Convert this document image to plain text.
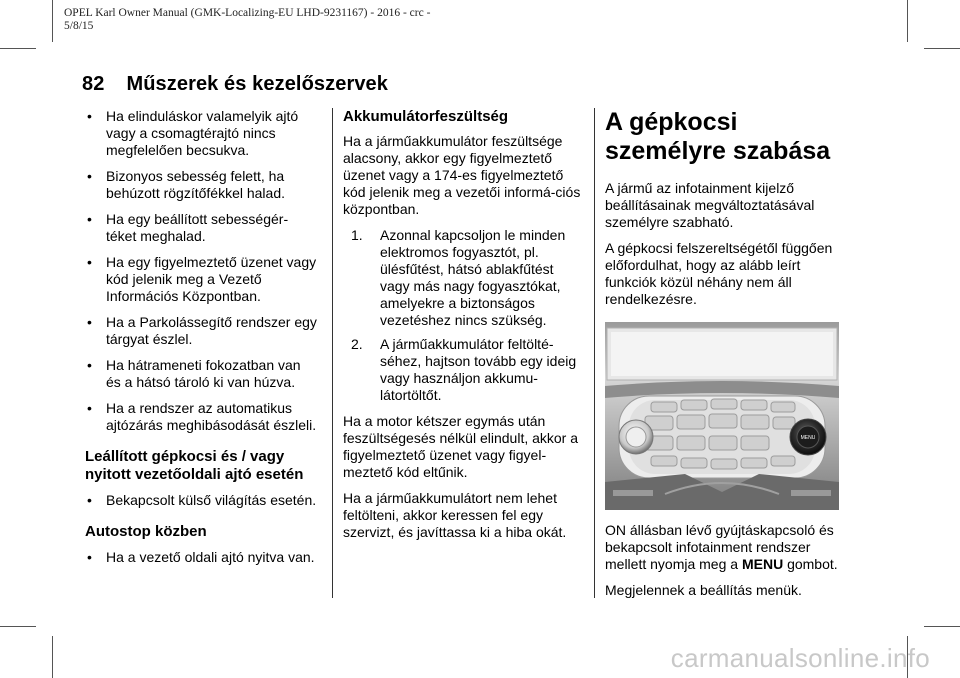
OPEL Karl Owner Manual (GMK-Localizing-EU LHD-9231167) - 2016 - crc -
5/8/15
82 Műszerek és kezelőszervek
• Ha elinduláskor valamelyik ajtó vagy a csomagtérajtó nincs megfelelően becsukva.
• Bizonyos sebesség felett, ha behúzott rögzítőfékkel halad.
• Ha egy beállított sebességér-téket meghalad.
• Ha egy figyelmeztető üzenet vagy kód jelenik meg a Vezető Információs Központban.
• Ha a Parkolássegítő rendszer egy tárgyat észlel.
• Ha hátrameneti fokozatban van és a hátsó tároló ki van húzva.
• Ha a rendszer az automatikus ajtózárás meghibásodását észleli.
Leállított gépkocsi és / vagy nyitott vezetőoldali ajtó esetén
• Bekapcsolt külső világítás esetén.
Autostop közben
• Ha a vezető oldali ajtó nyitva van.
Akkumulátorfeszültség

Ha a járműakkumulátor feszültsége alacsony, akkor egy figyelmeztető üzenet vagy a 174-es figyelmeztető kód jelenik meg a vezetői informá-ciós központban.

1. Azonnal kapcsoljon le minden elektromos fogyasztót, pl. ülésfűtést, hátsó ablakfűtést vagy más nagy fogyasztókat, amelyekre a biztonságos vezetéshez nincs szükség.
2. A járműakkumulátor feltölté-séhez, hajtson tovább egy ideig vagy használjon akkumu-látortöltőt.

Ha a motor kétszer egymás után feszültségesés nélkül elindult, akkor a figyelmeztető üzenet vagy figyel-meztető kód eltűnik.

Ha a járműakkumulátort nem lehet feltölteni, akkor keressen fel egy szervizt, és javíttassa ki a hiba okát.

A gépkocsi személyre szabása

A jármű az infotainment kijelző beállításainak megváltoztatásával személyre szabható.

A gépkocsi felszereltségétől függően előfordulhat, hogy az alább leírt funkciók közül néhány nem áll rendelkezésre.

MENU

ON állásban lévő gyújtáskapcsoló és bekapcsolt infotainment rendszer mellett nyomja meg a MENU gombot.

Megjelennek a beállítás menük.

carmanualsonline.info
